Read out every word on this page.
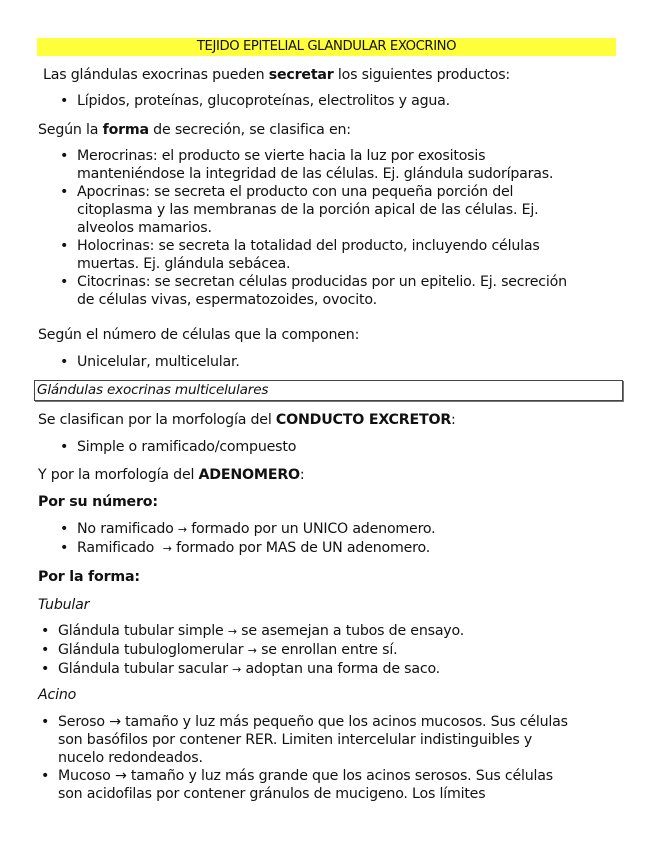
TEJIDO EPITELIAL GLANDULAR EXOCRINO
Las glándulas exocrinas pueden secretar los siguientes productos:
• Lípidos, proteínas, glucoproteínas, electrolitos y agua.
Según la forma de secreción, se clasifica en:
• Merocrinas: el producto se vierte hacia la luz por exositosis
manteniéndose la integridad de las células. Ej. glándula sudoríparas.
• Apocrinas: se secreta el producto con una pequeña porción del
citoplasma y las membranas de la porción apical de las células. Ej.
alveolos mamarios.
• Holocrinas: se secreta la totalidad del producto, incluyendo células
muertas. Ej. glándula sebácea.
• Citocrinas: se secretan células producidas por un epitelio. Ej. secreción
de células vivas, espermatozoides, ovocito.
Según el número de células que la componen:
• Unicelular, multicelular.
Glándulas exocrinas multicelulares
Se clasifican por la morfología del CONDUCTO EXCRETOR:
• Simple o ramificado/compuesto
Y por la morfología del ADENOMERO:
Por su número:
• No ramificado → formado por un UNICO adenomero.
• Ramificado  → formado por MAS de UN adenomero.
Por la forma:
Tubular
• Glándula tubular simple → se asemejan a tubos de ensayo.
• Glándula tubuloglomerular → se enrollan entre sí.
• Glándula tubular sacular → adoptan una forma de saco.
Acino
• Seroso → tamaño y luz más pequeño que los acinos mucosos. Sus células
son basófilos por contener RER. Limiten intercelular indistinguibles y
nucelo redondeados.
• Mucoso → tamaño y luz más grande que los acinos serosos. Sus células
son acidofilas por contener gránulos de mucigeno. Los límites
